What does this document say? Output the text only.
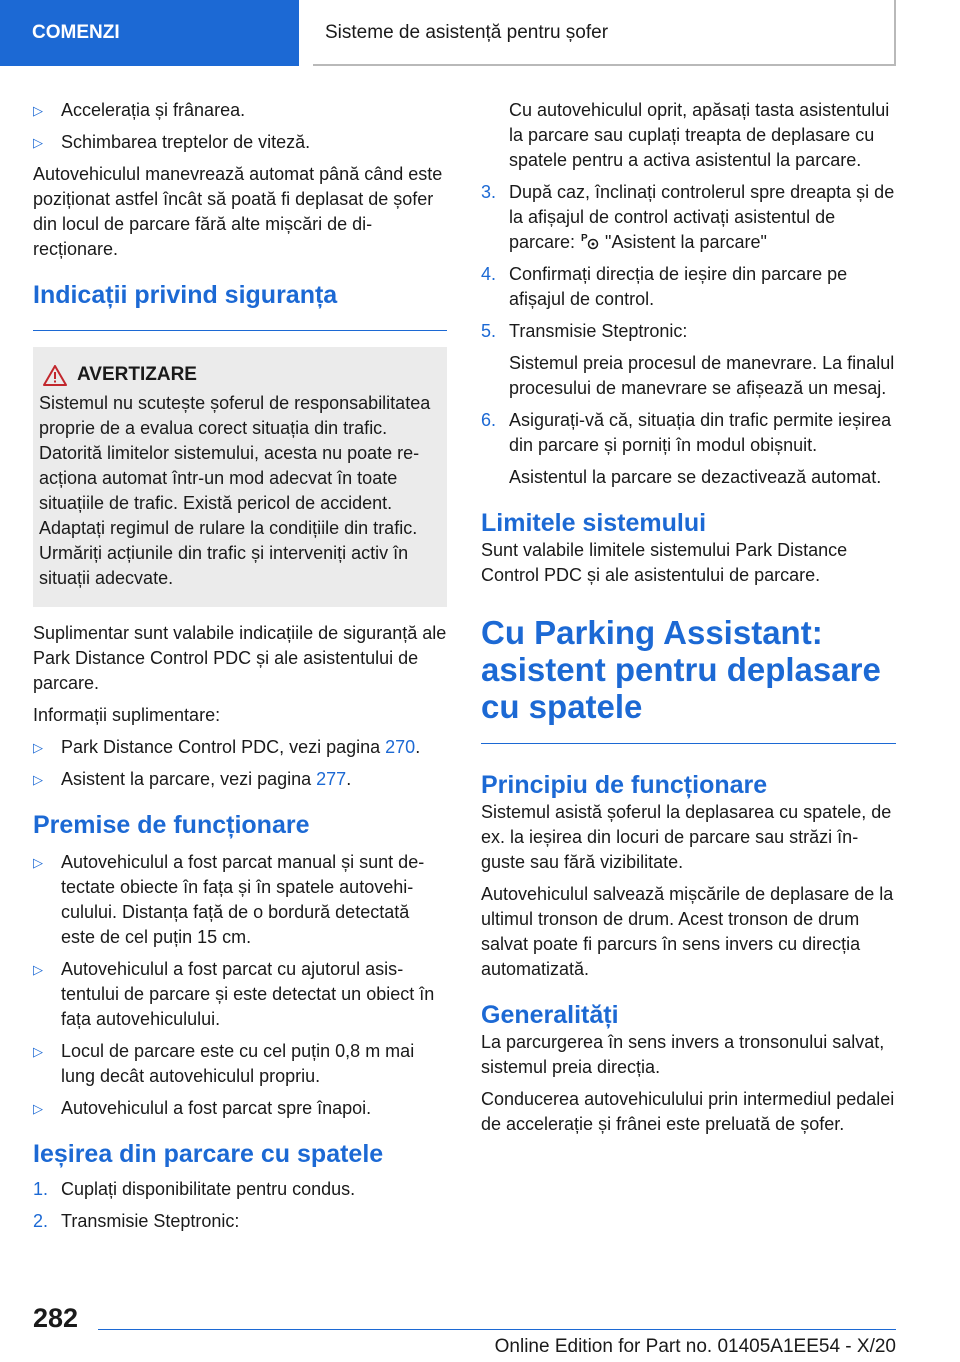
COMENZI	Sisteme de asistență pentru șofer
▷ Accelerația și frânarea.
▷ Schimbarea treptelor de viteză.

Autovehiculul manevrează automat până când este poziționat astfel încât să poată fi deplasat de șofer din locul de parcare fără alte mișcări de direcționare.

Indicații privind siguranța
AVERTIZARE

Sistemul nu scutește șoferul de responsabilitatea proprie de a evalua corect situația din trafic. Datorită limitelor sistemului, acesta nu poate reacționa automat într-un mod adecvat în toate situațiile de trafic. Există pericol de accident. Adaptați regimul de rulare la condițiile din trafic. Urmăriți acțiunile din trafic și interveniți activ în situații adecvate.

Suplimentar sunt valabile indicațiile de siguranță ale Park Distance Control PDC și ale asistentului de parcare.

Informații suplimentare:

▷ Park Distance Control PDC, vezi pagina 270.
▷ Asistent la parcare, vezi pagina 277.
Premise de funcționare
▷ Autovehiculul a fost parcat manual și sunt detectate obiecte în fața și în spatele autovehiculului. Distanța față de o bordură detectată este de cel puțin 15 cm.
▷ Autovehiculul a fost parcat cu ajutorul asistentului de parcare și este detectat un obiect în fața autovehiculului.
▷ Locul de parcare este cu cel puțin 0,8 m mai lung decât autovehiculul propriu.
▷ Autovehiculul a fost parcat spre înapoi.
Ieșirea din parcare cu spatele
1. Cuplați disponibilitate pentru condus.
2. Transmisie Steptronic:
Cu autovehiculul oprit, apăsați tasta asistentului la parcare sau cuplați treapta de deplasare cu spatele pentru a activa asistentul la parcare.
3. După caz, înclinați controlerul spre dreapta și de la afișajul de control activați asistentul de parcare: P "Asistent la parcare"
4. Confirmați direcția de ieșire din parcare pe afișajul de control.
5. Transmisie Steptronic:
Sistemul preia procesul de manevrare. La finalul procesului de manevrare se afișează un mesaj.
6. Asigurați-vă că, situația din trafic permite ieșirea din parcare și porniți în modul obișnuit.
Asistentul la parcare se dezactivează automat.
Limitele sistemului

Sunt valabile limitele sistemului Park Distance Control PDC și ale asistentului de parcare.

Cu Parking Assistant: asistent pentru deplasare cu spatele
Principiu de funcționare

Sistemul asistă șoferul la deplasarea cu spatele, de ex. la ieșirea din locuri de parcare sau străzi înguste sau fără vizibilitate.

Autovehiculul salvează mișcările de deplasare de la ultimul tronson de drum. Acest tronson de drum salvat poate fi parcurs în sens invers cu direcția automatizată.

Generalități

La parcurgerea în sens invers a tronsonului salvat, sistemul preia direcția.

Conducerea autovehiculului prin intermediul pedalei de accelerație și frânei este preluată de șofer.

282
Online Edition for Part no. 01405A1EE54 - X/20
